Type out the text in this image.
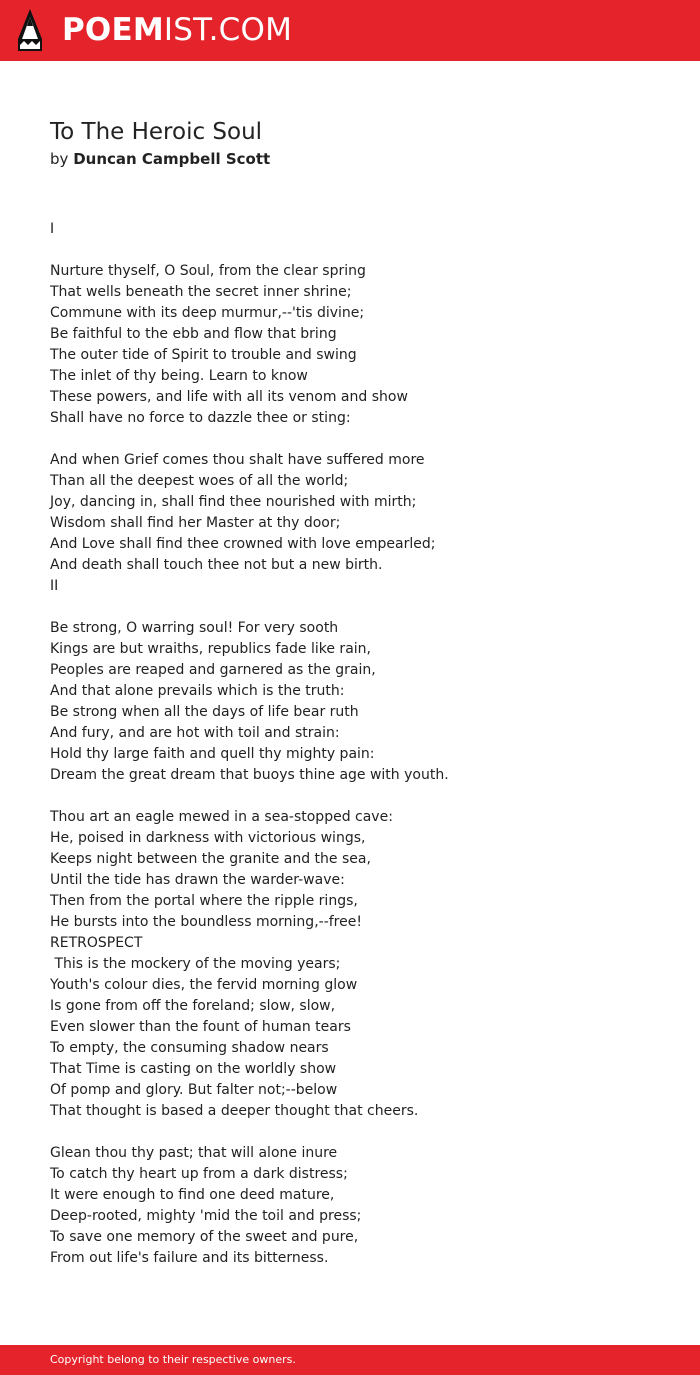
POEMIST.COM
To The Heroic Soul
by Duncan Campbell Scott
I
Nurture thyself, O Soul, from the clear spring
That wells beneath the secret inner shrine;
Commune with its deep murmur,--'tis divine;
Be faithful to the ebb and flow that bring
The outer tide of Spirit to trouble and swing
The inlet of thy being. Learn to know
These powers, and life with all its venom and show
Shall have no force to dazzle thee or sting:
And when Grief comes thou shalt have suffered more
Than all the deepest woes of all the world;
Joy, dancing in, shall find thee nourished with mirth;
Wisdom shall find her Master at thy door;
And Love shall find thee crowned with love empearled;
And death shall touch thee not but a new birth.
II
Be strong, O warring soul! For very sooth
Kings are but wraiths, republics fade like rain,
Peoples are reaped and garnered as the grain,
And that alone prevails which is the truth:
Be strong when all the days of life bear ruth
And fury, and are hot with toil and strain:
Hold thy large faith and quell thy mighty pain:
Dream the great dream that buoys thine age with youth.
Thou art an eagle mewed in a sea-stopped cave:
He, poised in darkness with victorious wings,
Keeps night between the granite and the sea,
Until the tide has drawn the warder-wave:
Then from the portal where the ripple rings,
He bursts into the boundless morning,--free!
RETROSPECT
This is the mockery of the moving years;
Youth's colour dies, the fervid morning glow
Is gone from off the foreland; slow, slow,
Even slower than the fount of human tears
To empty, the consuming shadow nears
That Time is casting on the worldly show
Of pomp and glory. But falter not;--below
That thought is based a deeper thought that cheers.
Glean thou thy past; that will alone inure
To catch thy heart up from a dark distress;
It were enough to find one deed mature,
Deep-rooted, mighty 'mid the toil and press;
To save one memory of the sweet and pure,
From out life's failure and its bitterness.
Copyright belong to their respective owners.
